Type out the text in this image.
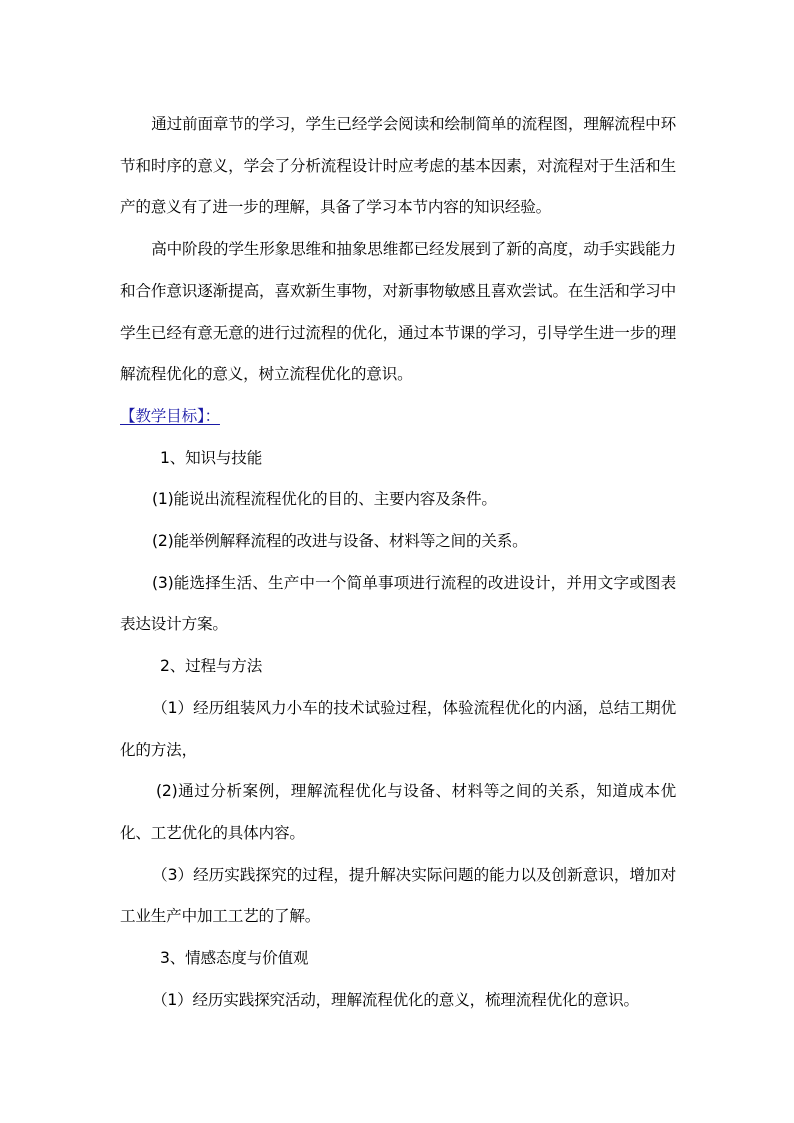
通过前面章节的学习，学生已经学会阅读和绘制简单的流程图，理解流程中环节和时序的意义，学会了分析流程设计时应考虑的基本因素，对流程对于生活和生产的意义有了进一步的理解，具备了学习本节内容的知识经验。

高中阶段的学生形象思维和抽象思维都已经发展到了新的高度，动手实践能力和合作意识逐渐提高，喜欢新生事物，对新事物敏感且喜欢尝试。在生活和学习中学生已经有意无意的进行过流程的优化，通过本节课的学习，引导学生进一步的理解流程优化的意义，树立流程优化的意识。

【教学目标】：

1、知识与技能

(1)能说出流程流程优化的目的、主要内容及条件。

(2)能举例解释流程的改进与设备、材料等之间的关系。

(3)能选择生活、生产中一个简单事项进行流程的改进设计，并用文字或图表表达设计方案。

2、过程与方法

（1）经历组装风力小车的技术试验过程，体验流程优化的内涵，总结工期优化的方法，

(2)通过分析案例，理解流程优化与设备、材料等之间的关系，知道成本优化、工艺优化的具体内容。

（3）经历实践探究的过程，提升解决实际问题的能力以及创新意识，增加对工业生产中加工工艺的了解。

3、情感态度与价值观

（1）经历实践探究活动，理解流程优化的意义，梳理流程优化的意识。
